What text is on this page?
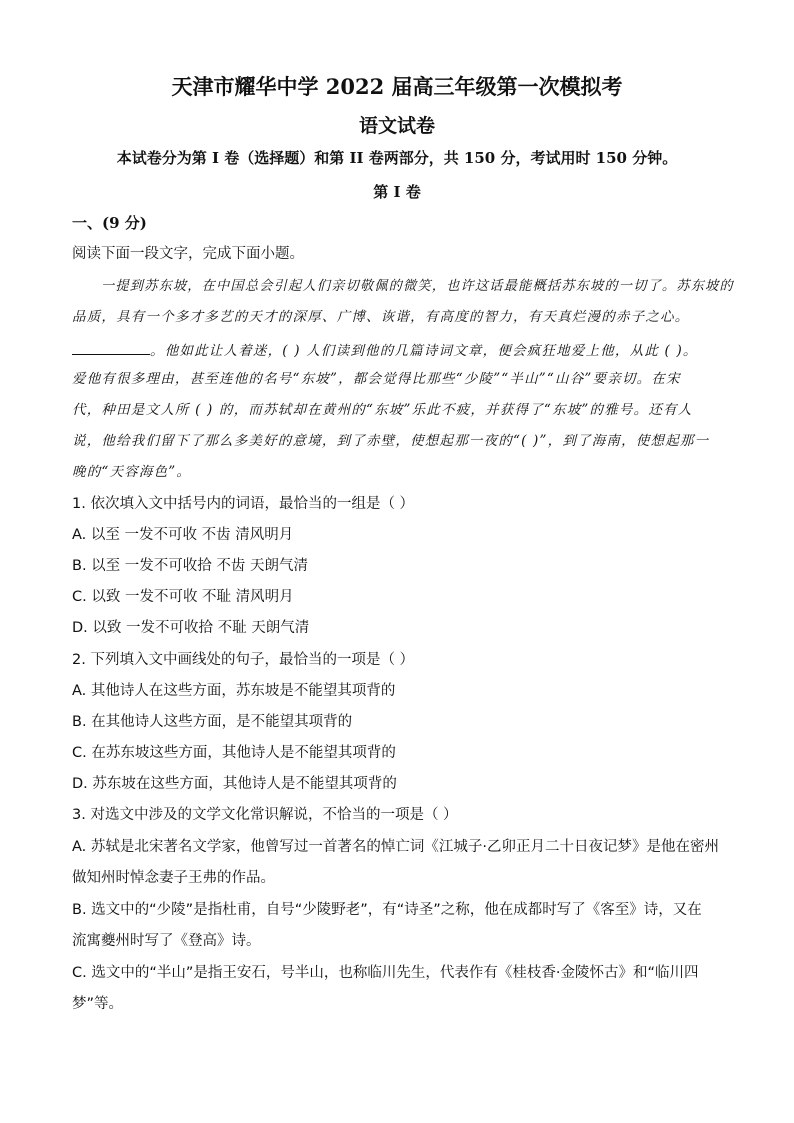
天津市耀华中学 2022 届高三年级第一次模拟考
语文试卷
本试卷分为第 I 卷（选择题）和第 II 卷两部分，共 150 分，考试用时 150 分钟。
第 I 卷
一、(9 分)
阅读下面一段文字，完成下面小题。
一提到苏东坡，在中国总会引起人们亲切敬佩的微笑，也许这话最能概括苏东坡的一切了。苏东坡的
品质，具有一个多才多艺的天才的深厚、广博、诙谐，有高度的智力，有天真烂漫的赤子之心。
。他如此让人着迷，( ) 人们读到他的几篇诗词文章，便会疯狂地爱上他，从此 ( )。
爱他有很多理由，甚至连他的名号“东坡”，都会觉得比那些“少陵”“半山”“山谷”要亲切。在宋
代，种田是文人所 ( ) 的，而苏轼却在黄州的“东坡”乐此不疲，并获得了“东坡”的雅号。还有人
说，他给我们留下了那么多美好的意境，到了赤壁，使想起那一夜的“( )”，到了海南，使想起那一
晚的“天容海色”。
1. 依次填入文中括号内的词语，最恰当的一组是（ ）
A. 以至 一发不可收 不齿 清风明月
B. 以至 一发不可收拾 不齿 天朗气清
C. 以致 一发不可收 不耻 清风明月
D. 以致 一发不可收拾 不耻 天朗气清
2. 下列填入文中画线处的句子，最恰当的一项是（ ）
A. 其他诗人在这些方面，苏东坡是不能望其项背的
B. 在其他诗人这些方面，是不能望其项背的
C. 在苏东坡这些方面，其他诗人是不能望其项背的
D. 苏东坡在这些方面，其他诗人是不能望其项背的
3. 对选文中涉及的文学文化常识解说，不恰当的一项是（ ）
A. 苏轼是北宋著名文学家，他曾写过一首著名的悼亡词《江城子·乙卯正月二十日夜记梦》是他在密州
做知州时悼念妻子王弗的作品。
B. 选文中的“少陵”是指杜甫，自号“少陵野老”，有“诗圣”之称，他在成都时写了《客至》诗，又在
流寓夔州时写了《登高》诗。
C. 选文中的“半山”是指王安石，号半山，也称临川先生，代表作有《桂枝香·金陵怀古》和“临川四
梦”等。
